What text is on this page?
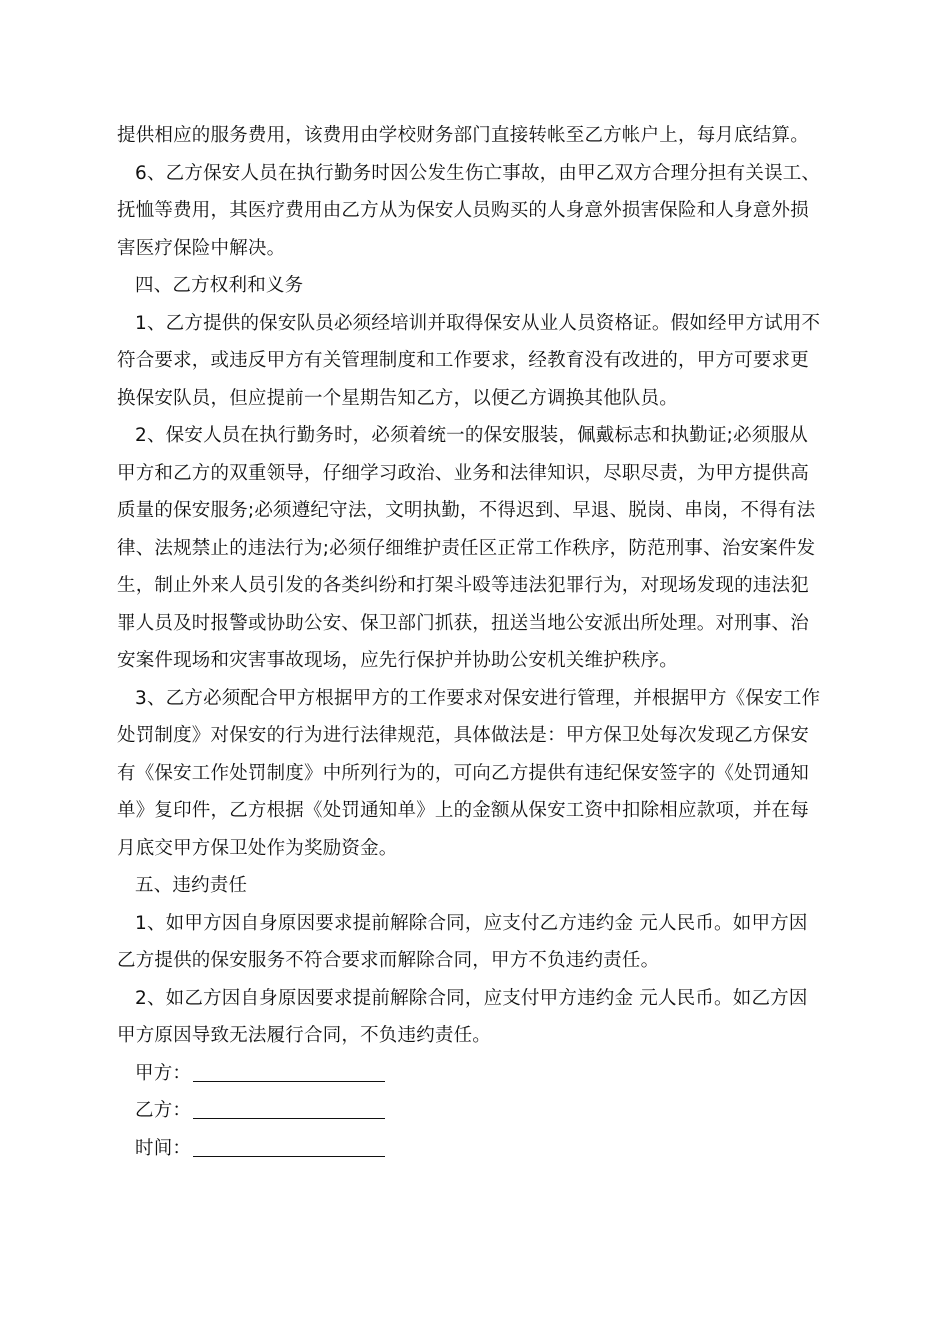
提供相应的服务费用，该费用由学校财务部门直接转帐至乙方帐户上，每月底结算。
6、乙方保安人员在执行勤务时因公发生伤亡事故，由甲乙双方合理分担有关误工、
抚恤等费用，其医疗费用由乙方从为保安人员购买的人身意外损害保险和人身意外损
害医疗保险中解决。
四、乙方权利和义务
1、乙方提供的保安队员必须经培训并取得保安从业人员资格证。假如经甲方试用不
符合要求，或违反甲方有关管理制度和工作要求，经教育没有改进的，甲方可要求更
换保安队员，但应提前一个星期告知乙方，以便乙方调换其他队员。
2、保安人员在执行勤务时，必须着统一的保安服装，佩戴标志和执勤证;必须服从
甲方和乙方的双重领导，仔细学习政治、业务和法律知识，尽职尽责，为甲方提供高
质量的保安服务;必须遵纪守法，文明执勤，不得迟到、早退、脱岗、串岗，不得有法
律、法规禁止的违法行为;必须仔细维护责任区正常工作秩序，防范刑事、治安案件发
生，制止外来人员引发的各类纠纷和打架斗殴等违法犯罪行为，对现场发现的违法犯
罪人员及时报警或协助公安、保卫部门抓获，扭送当地公安派出所处理。对刑事、治
安案件现场和灾害事故现场，应先行保护并协助公安机关维护秩序。
3、乙方必须配合甲方根据甲方的工作要求对保安进行管理，并根据甲方《保安工作
处罚制度》对保安的行为进行法律规范，具体做法是：甲方保卫处每次发现乙方保安
有《保安工作处罚制度》中所列行为的，可向乙方提供有违纪保安签字的《处罚通知
单》复印件，乙方根据《处罚通知单》上的金额从保安工资中扣除相应款项，并在每
月底交甲方保卫处作为奖励资金。
五、违约责任
1、如甲方因自身原因要求提前解除合同，应支付乙方违约金 元人民币。如甲方因
乙方提供的保安服务不符合要求而解除合同，甲方不负违约责任。
2、如乙方因自身原因要求提前解除合同，应支付甲方违约金 元人民币。如乙方因
甲方原因导致无法履行合同，不负违约责任。
甲方：
乙方：
时间：
